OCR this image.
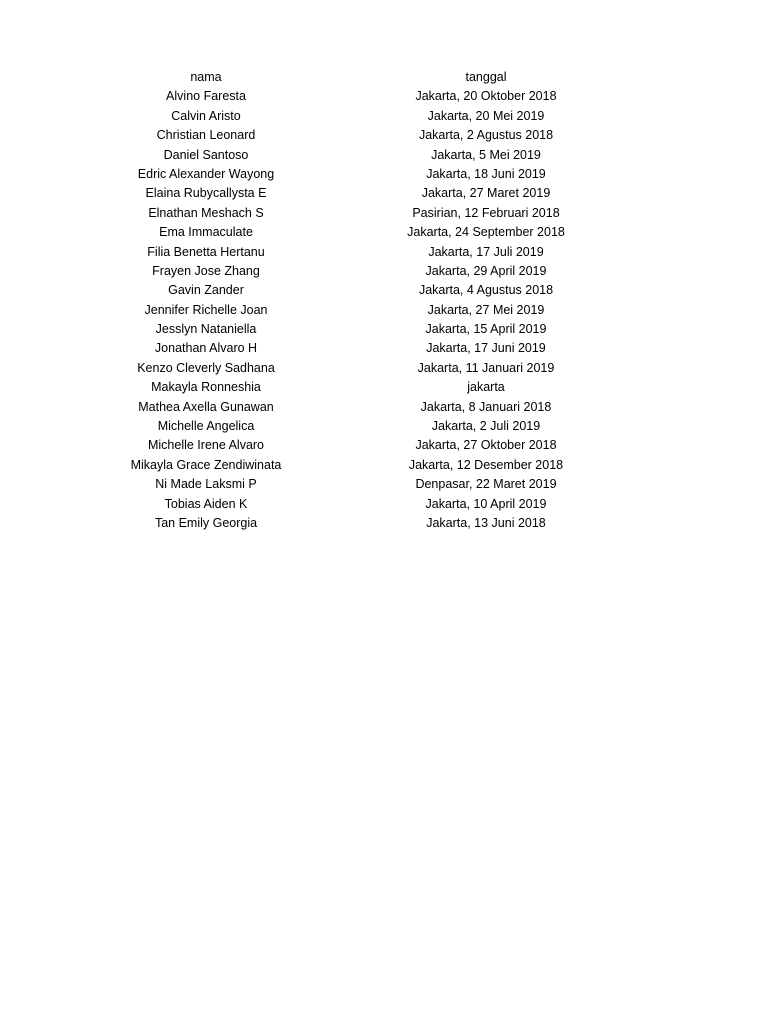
nama	tanggal
Alvino Faresta	Jakarta, 20 Oktober 2018
Calvin Aristo	Jakarta, 20 Mei 2019
Christian Leonard	Jakarta, 2 Agustus 2018
Daniel Santoso	Jakarta, 5 Mei 2019
Edric Alexander Wayong	Jakarta, 18 Juni 2019
Elaina Rubycallysta E	Jakarta, 27 Maret 2019
Elnathan Meshach S	Pasirian, 12 Februari 2018
Ema Immaculate	Jakarta, 24 September 2018
Filia Benetta Hertanu	Jakarta, 17 Juli 2019
Frayen Jose Zhang	Jakarta, 29 April 2019
Gavin Zander	Jakarta, 4 Agustus 2018
Jennifer Richelle Joan	Jakarta, 27 Mei 2019
Jesslyn Nataniella	Jakarta, 15 April 2019
Jonathan Alvaro H	Jakarta, 17 Juni 2019
Kenzo Cleverly Sadhana	Jakarta, 11 Januari 2019
Makayla Ronneshia	jakarta
Mathea Axella Gunawan	Jakarta, 8 Januari 2018
Michelle Angelica	Jakarta, 2 Juli 2019
Michelle Irene Alvaro	Jakarta, 27 Oktober 2018
Mikayla Grace Zendiwinata	Jakarta, 12 Desember 2018
Ni Made Laksmi P	Denpasar, 22 Maret 2019
Tobias Aiden K	Jakarta, 10 April 2019
Tan Emily Georgia	Jakarta, 13 Juni 2018
